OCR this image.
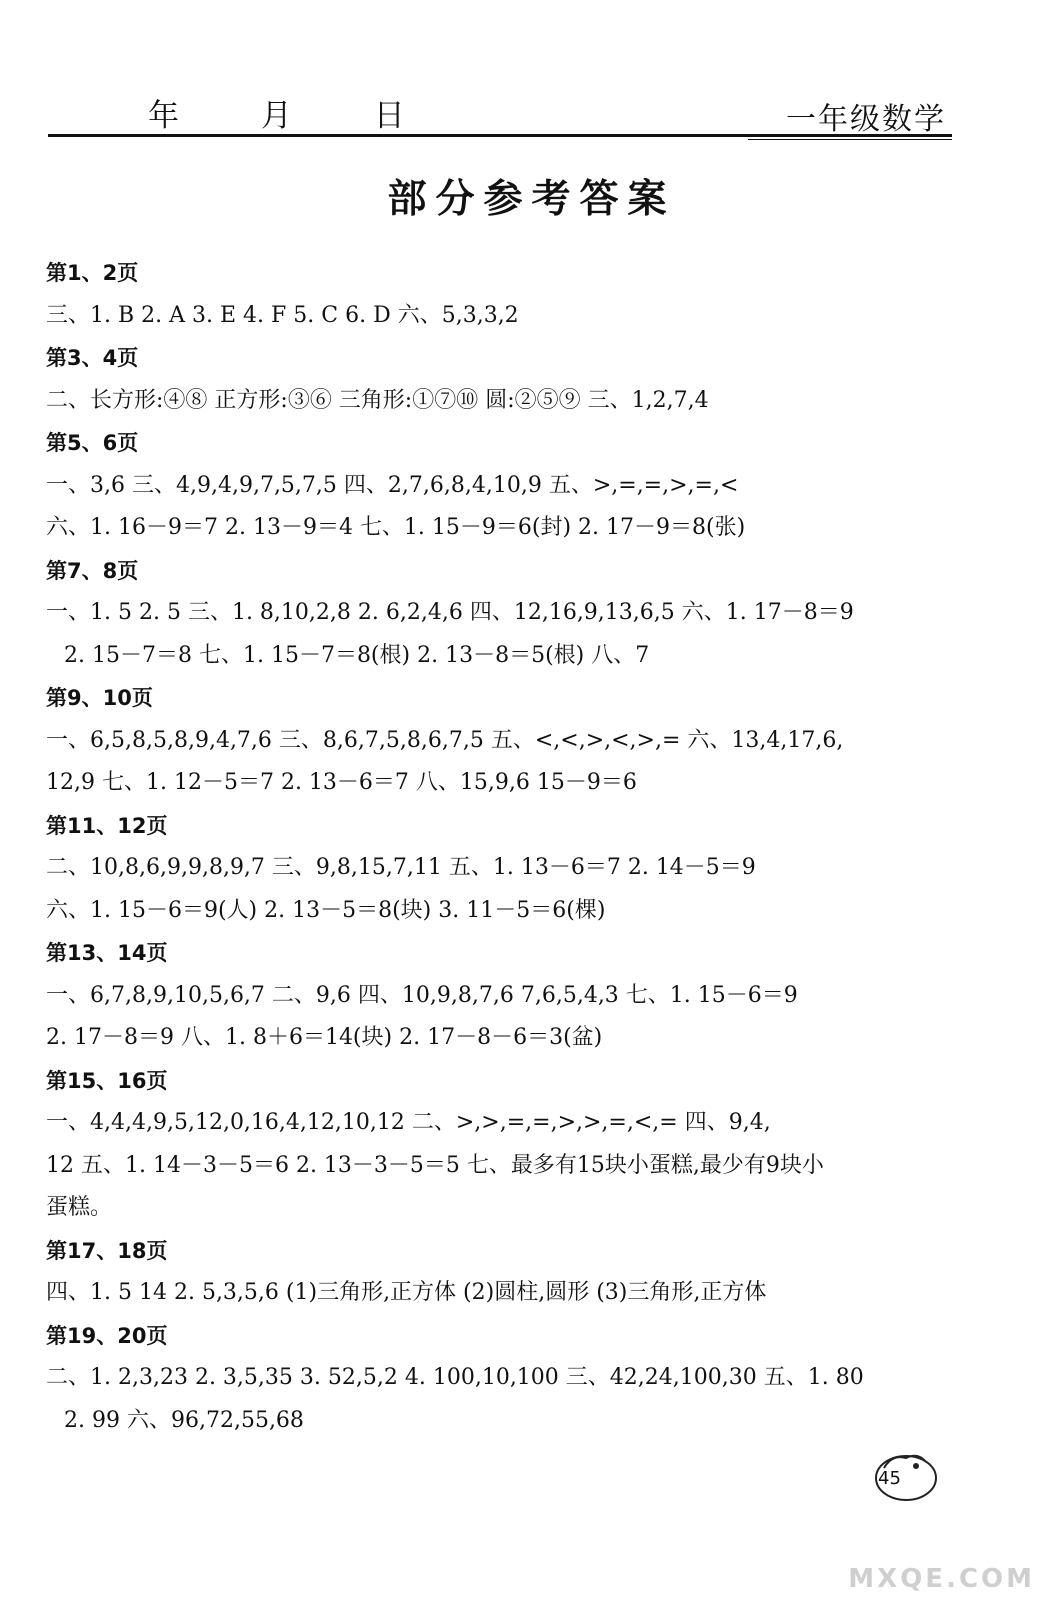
年	月	日	一年级数学
部分参考答案
第1、2页
三、1. B 2. A 3. E 4. F 5. C 6. D 六、5,3,3,2
第3、4页
二、长方形:④⑧ 正方形:③⑥ 三角形:①⑦⑩ 圆:②⑤⑨ 三、1,2,7,4
第5、6页
一、3,6 三、4,9,4,9,7,5,7,5 四、2,7,6,8,4,10,9 五、>,=,=,>,=,<
六、1. 16－9＝7 2. 13－9＝4 七、1. 15－9＝6(封) 2. 17－9＝8(张)
第7、8页
一、1. 5 2. 5 三、1. 8,10,2,8 2. 6,2,4,6 四、12,16,9,13,6,5 六、1. 17－8＝9
2. 15－7＝8 七、1. 15－7＝8(根) 2. 13－8＝5(根) 八、7
第9、10页
一、6,5,8,5,8,9,4,7,6 三、8,6,7,5,8,6,7,5 五、<,<,>,<,>,= 六、13,4,17,6,
12,9 七、1. 12－5＝7 2. 13－6＝7 八、15,9,6 15－9＝6
第11、12页
二、10,8,6,9,9,8,9,7 三、9,8,15,7,11 五、1. 13－6＝7 2. 14－5＝9
六、1. 15－6＝9(人) 2. 13－5＝8(块) 3. 11－5＝6(棵)
第13、14页
一、6,7,8,9,10,5,6,7 二、9,6 四、10,9,8,7,6 7,6,5,4,3 七、1. 15－6＝9
2. 17－8＝9 八、1. 8＋6＝14(块) 2. 17－8－6＝3(盆)
第15、16页
一、4,4,4,9,5,12,0,16,4,12,10,12 二、>,>,=,=,>,>,=,<,= 四、9,4,
12 五、1. 14－3－5＝6 2. 13－3－5＝5 七、最多有15块小蛋糕,最少有9块小
蛋糕。
第17、18页
四、1. 5 14 2. 5,3,5,6 (1)三角形,正方体 (2)圆柱,圆形 (3)三角形,正方体
第19、20页
二、1. 2,3,23 2. 3,5,35 3. 52,5,2 4. 100,10,100 三、42,24,100,30 五、1. 80
2. 99 六、96,72,55,68
45
MXQE.COM
